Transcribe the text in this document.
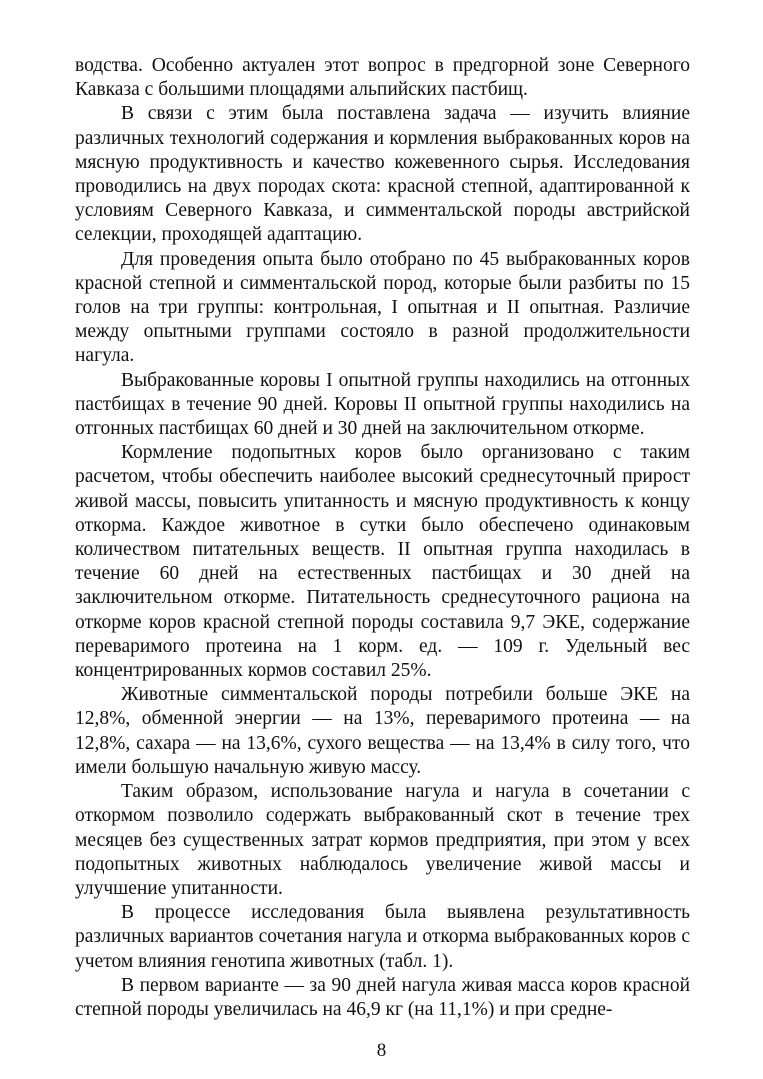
водства. Особенно актуален этот вопрос в предгорной зоне Северного Кавказа с большими площадями альпийских пастбищ.

В связи с этим была поставлена задача — изучить влияние различных технологий содержания и кормления выбракованных коров на мясную продуктивность и качество кожевенного сырья. Исследования проводились на двух породах скота: красной степной, адаптированной к условиям Северного Кавказа, и симментальской породы австрийской селекции, проходящей адаптацию.

Для проведения опыта было отобрано по 45 выбракованных коров красной степной и симментальской пород, которые были разбиты по 15 голов на три группы: контрольная, I опытная и II опытная. Различие между опытными группами состояло в разной продолжительности нагула.

Выбракованные коровы I опытной группы находились на отгонных пастбищах в течение 90 дней. Коровы II опытной группы находились на отгонных пастбищах 60 дней и 30 дней на заключительном откорме.

Кормление подопытных коров было организовано с таким расчетом, чтобы обеспечить наиболее высокий среднесуточный прирост живой массы, повысить упитанность и мясную продуктивность к концу откорма. Каждое животное в сутки было обеспечено одинаковым количеством питательных веществ. II опытная группа находилась в течение 60 дней на естественных пастбищах и 30 дней на заключительном откорме. Питательность среднесуточного рациона на откорме коров красной степной породы составила 9,7 ЭКЕ, содержание переваримого протеина на 1 корм. ед. — 109 г. Удельный вес концентрированных кормов составил 25%.

Животные симментальской породы потребили больше ЭКЕ на 12,8%, обменной энергии — на 13%, переваримого протеина — на 12,8%, сахара — на 13,6%, сухого вещества — на 13,4% в силу того, что имели большую начальную живую массу.

Таким образом, использование нагула и нагула в сочетании с откормом позволило содержать выбракованный скот в течение трех месяцев без существенных затрат кормов предприятия, при этом у всех подопытных животных наблюдалось увеличение живой массы и улучшение упитанности.

В процессе исследования была выявлена результативность различных вариантов сочетания нагула и откорма выбракованных коров с учетом влияния генотипа животных (табл. 1).

В первом варианте — за 90 дней нагула живая масса коров красной степной породы увеличилась на 46,9 кг (на 11,1%) и при средне-

8
